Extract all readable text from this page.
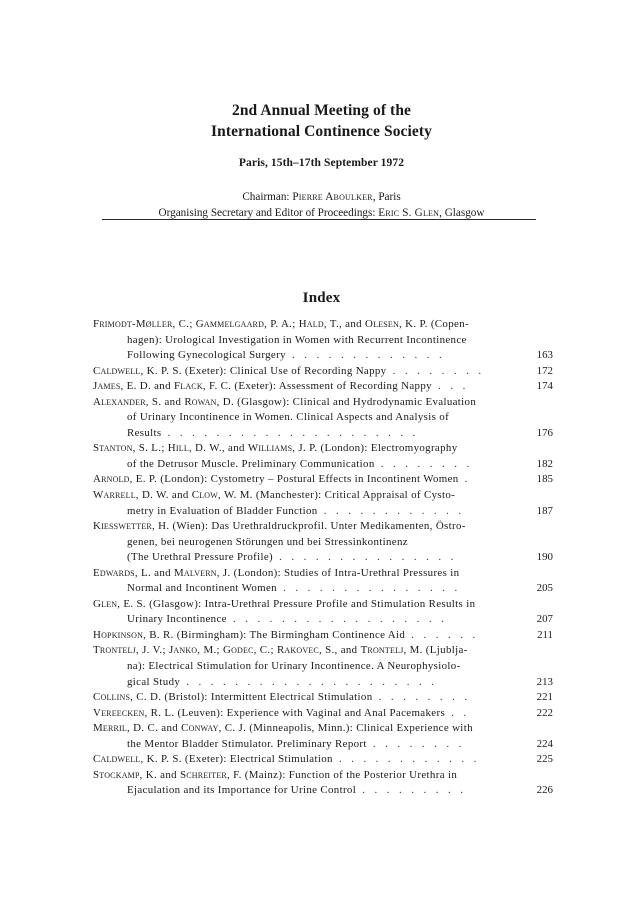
2nd Annual Meeting of the
International Continence Society
Paris, 15th–17th September 1972
Chairman: Pierre Aboulker, Paris
Organising Secretary and Editor of Proceedings: Eric S. Glen, Glasgow
Index
Frimodt-Møller, C.; Gammelgaard, P. A.; Hald, T., and Olesen, K. P. (Copen-
hagen): Urological Investigation in Women with Recurrent Incontinence
Following Gynecological Surgery . . . . . . . . . . . . .	163
Caldwell, K. P. S. (Exeter): Clinical Use of Recording Nappy . . . . . . . .	172
James, E. D. and Flack, F. C. (Exeter): Assessment of Recording Nappy . . .	174
Alexander, S. and Rowan, D. (Glasgow): Clinical and Hydrodynamic Evaluation
of Urinary Incontinence in Women. Clinical Aspects and Analysis of
Results . . . . . . . . . . . . . . . . . . . . .	176
Stanton, S. L.; Hill, D. W., and Williams, J. P. (London): Electromyography
of the Detrusor Muscle. Preliminary Communication . . . . . . . .	182
Arnold, E. P. (London): Cystometry – Postural Effects in Incontinent Women .	185
Warrell, D. W. and Clow, W. M. (Manchester): Critical Appraisal of Cysto-
metry in Evaluation of Bladder Function . . . . . . . . . . . .	187
Kiesswetter, H. (Wien): Das Urethraldruckprofil. Unter Medikamenten, Östro-
genen, bei neurogenen Störungen und bei Stressinkontinenz
(The Urethral Pressure Profile) . . . . . . . . . . . . . . .	190
Edwards, L. and Malvern, J. (London): Studies of Intra-Urethral Pressures in
Normal and Incontinent Women . . . . . . . . . . . . . . .	205
Glen, E. S. (Glasgow): Intra-Urethral Pressure Profile and Stimulation Results in
Urinary Incontinence . . . . . . . . . . . . . . . . . .	207
Hopkinson, B. R. (Birmingham): The Birmingham Continence Aid . . . . . .	211
Trontelj, J. V.; Janko, M.; Godec, C.; Rakovec, S., and Trontelj, M. (Ljublja-
na): Electrical Stimulation for Urinary Incontinence. A Neurophysiolo-
gical Study . . . . . . . . . . . . . . . . . . . . .	213
Collins, C. D. (Bristol): Intermittent Electrical Stimulation . . . . . . . .	221
Vereecken, R. L. (Leuven): Experience with Vaginal and Anal Pacemakers . .	222
Merril, D. C. and Conway, C. J. (Minneapolis, Minn.): Clinical Experience with
the Mentor Bladder Stimulator. Preliminary Report . . . . . . . .	224
Caldwell, K. P. S. (Exeter): Electrical Stimulation . . . . . . . . . . . .	225
Stockamp, K. and Schreiter, F. (Mainz): Function of the Posterior Urethra in
Ejaculation and its Importance for Urine Control . . . . . . . . .	226
